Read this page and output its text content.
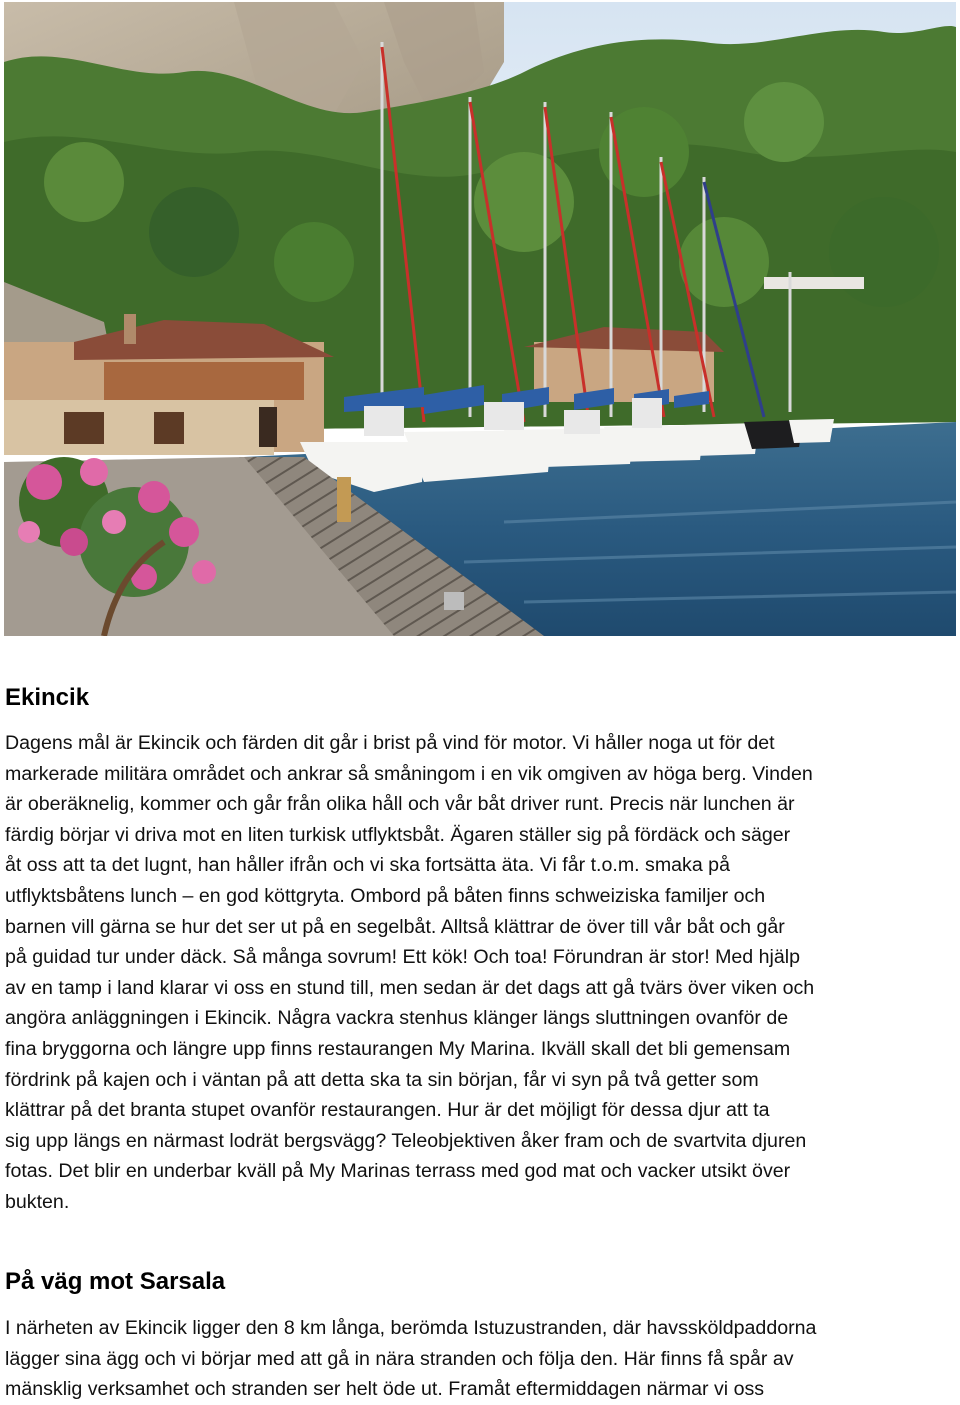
Ekincik

Dagens mål är Ekincik och färden dit går i brist på vind för motor. Vi håller noga ut för det
markerade militära området och ankrar så småningom i en vik omgiven av höga berg. Vinden
är oberäknelig, kommer och går från olika håll och vår båt driver runt. Precis när lunchen är
färdig börjar vi driva mot en liten turkisk utflyktsbåt. Ägaren ställer sig på fördäck och säger
åt oss att ta det lugnt, han håller ifrån och vi ska fortsätta äta. Vi får t.o.m. smaka på
utflyktsbåtens lunch – en god köttgryta. Ombord på båten finns schweiziska familjer och
barnen vill gärna se hur det ser ut på en segelbåt. Alltså klättrar de över till vår båt och går
på guidad tur under däck. Så många sovrum! Ett kök! Och toa! Förundran är stor! Med hjälp
av en tamp i land klarar vi oss en stund till, men sedan är det dags att gå tvärs över viken och
angöra anläggningen i Ekincik. Några vackra stenhus klänger längs sluttningen ovanför de
fina bryggorna och längre upp finns restaurangen My Marina. Ikväll skall det bli gemensam
fördrink på kajen och i väntan på att detta ska ta sin början, får vi syn på två getter som
klättrar på det branta stupet ovanför restaurangen. Hur är det möjligt för dessa djur att ta
sig upp längs en närmast lodrät bergsvägg? Teleobjektiven åker fram och de svartvita djuren
fotas. Det blir en underbar kväll på My Marinas terrass med god mat och vacker utsikt över
bukten.

På väg mot Sarsala

I närheten av Ekincik ligger den 8 km långa, berömda Istuzustranden, där havssköldpaddorna
lägger sina ägg och vi börjar med att gå in nära stranden och följa den. Här finns få spår av
mänsklig verksamhet och stranden ser helt öde ut. Framåt eftermiddagen närmar vi oss
